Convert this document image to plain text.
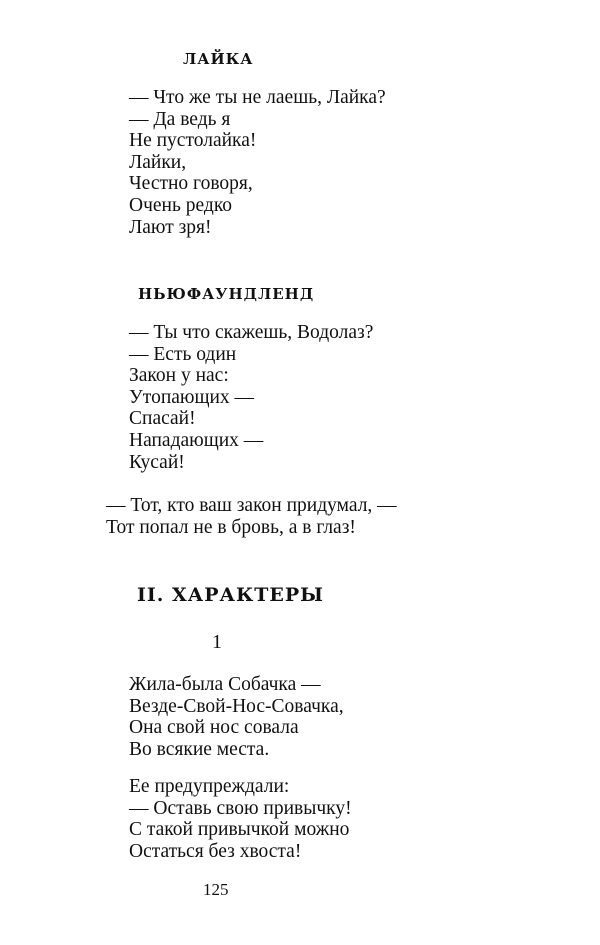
ЛАЙКА
— Что же ты не лаешь, Лайка?
— Да ведь я
Не пустолайка!
Лайки,
Честно говоря,
Очень редко
Лают зря!
НЬЮФАУНДЛЕНД
— Ты что скажешь, Водолаз?
— Есть один
Закон у нас:
Утопающих —
Спасай!
Нападающих —
Кусай!
— Тот, кто ваш закон придумал, —
Тот попал не в бровь, а в глаз!
II. ХАРАКТЕРЫ
1
Жила-была Собачка —
Везде-Свой-Нос-Совачка,
Она свой нос совала
Во всякие места.
Ее предупреждали:
— Оставь свою привычку!
С такой привычкой можно
Остаться без хвоста!
125
